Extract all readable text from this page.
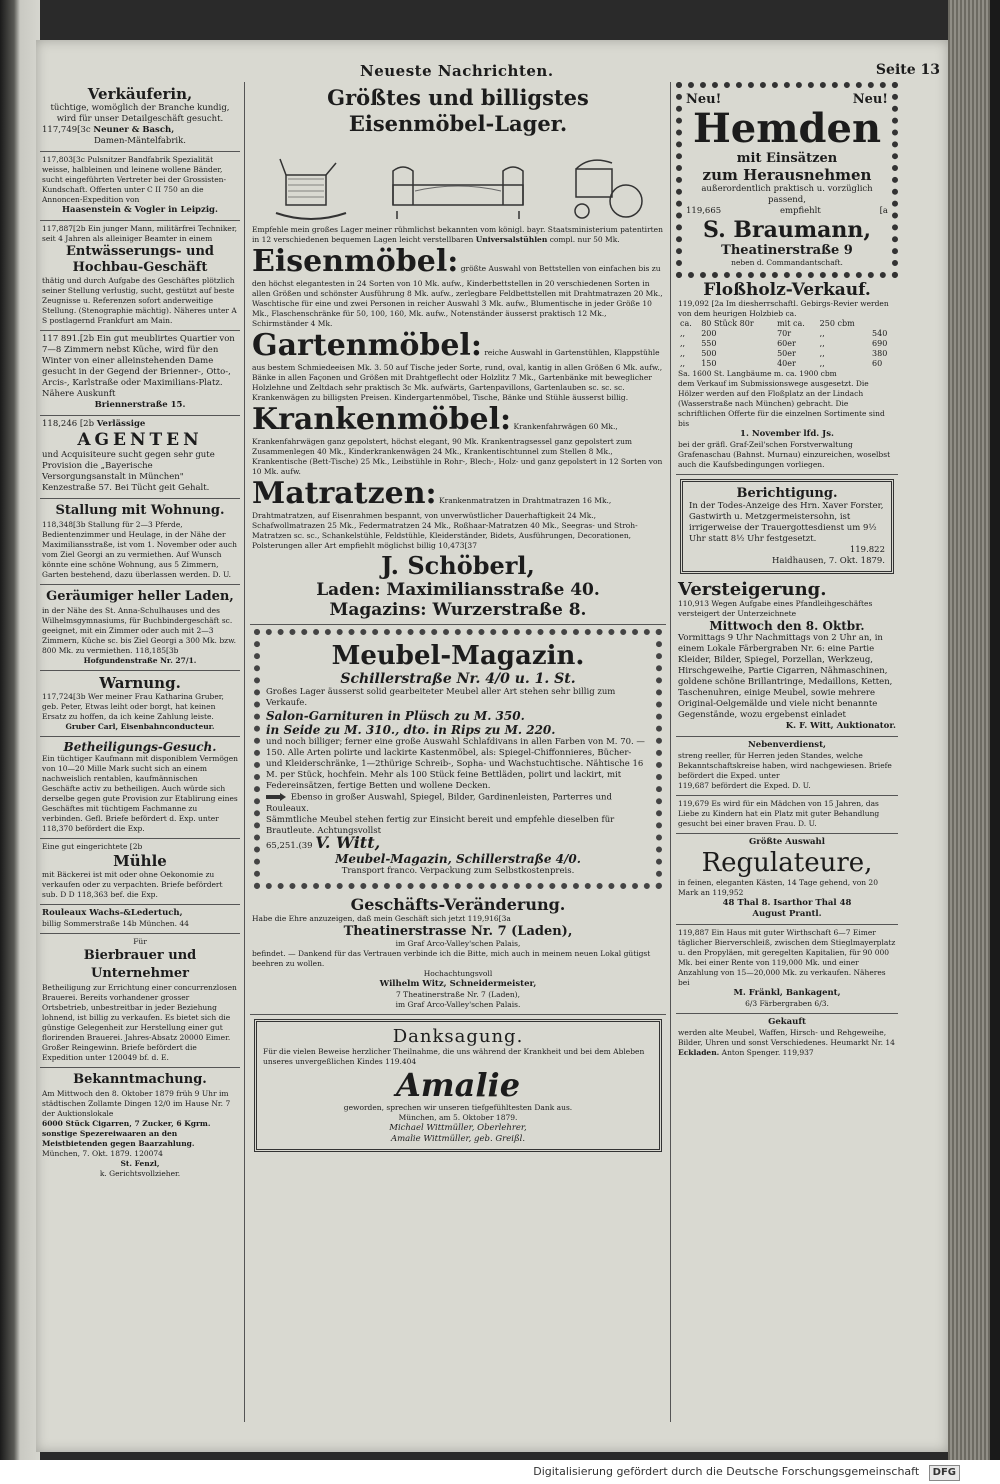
Neueste Nachrichten.	Seite 13

Verkäuferin,

tüchtige, womöglich der Branche kundig, wird für unser Detailgeschäft gesucht.

117,749[3c Neuner & Basch,

Damen-Mäntelfabrik.

117,803[3c Pulsnitzer Bandfabrik Spezialität weisse, halbleinen und leinene wollene Bänder, sucht eingeführten Vertreter bei der Grossisten-Kundschaft. Offerten unter C II 750 an die Annoncen-Expedition von

Haasenstein & Vogler in Leipzig.

117,887[2b Ein junger Mann, militärfrei Techniker, seit 4 Jahren als alleiniger Beamter in einem

Entwässerungs- und Hochbau-Geschäft

thätig und durch Aufgabe des Geschäftes plötzlich seiner Stellung verlustig, sucht, gestützt auf beste Zeugnisse u. Referenzen sofort anderweitige Stellung. (Stenographie mächtig). Näheres unter A S postlagernd Frankfurt am Main.

117 891.[2b Ein gut meublirtes Quartier von 7—8 Zimmern nebst Küche, wird für den Winter von einer alleinstehenden Dame gesucht in der Gegend der Brienner-, Otto-, Arcis-, Karlstraße oder Maximilians-Platz. Nähere Auskunft

Briennerstraße 15.

118,246 [2b Verlässige

AGENTEN

und Acquisiteure sucht gegen sehr gute Provision die „Bayerische Versorgungsanstalt in München" Kenzestraße 57. Bei Tücht geit Gehalt.

Stallung mit Wohnung.

118,348[3b Stallung für 2—3 Pferde, Bedientenzimmer und Heulage, in der Nähe der Maximiliansstraße, ist vom 1. November oder auch vom Ziel Georgi an zu vermiethen. Auf Wunsch könnte eine schöne Wohnung, aus 5 Zimmern, Garten bestehend, dazu überlassen werden. D. U.

Geräumiger heller Laden,

in der Nähe des St. Anna-Schulhauses und des Wilhelmsgymnasiums, für Buchbindergeschäft sc. geeignet, mit ein Zimmer oder auch mit 2—3 Zimmern, Küche sc. bis Ziel Georgi a 300 Mk. bzw. 800 Mk. zu vermiethen. 118,185[3b

Hofgundenstraße Nr. 27/1.

Warnung.

117,724[3b Wer meiner Frau Katharina Gruber, geb. Peter, Etwas leiht oder borgt, hat keinen Ersatz zu hoffen, da ich keine Zahlung leiste.

Gruber Carl, Eisenbahnconducteur.

Betheiligungs-Gesuch.

Ein tüchtiger Kaufmann mit disponiblem Vermögen von 10—20 Mille Mark sucht sich an einem nachweislich rentablen, kaufmännischen Geschäfte activ zu betheiligen. Auch würde sich derselbe gegen gute Provision zur Etablirung eines Geschäftes mit tüchtigem Fachmanne zu verbinden. Gefl. Briefe befördert d. Exp. unter

118,370 befördert die Exp.

Eine gut eingerichtete [2b

Mühle

mit Bäckerei ist mit oder ohne Oekonomie zu verkaufen oder zu verpachten. Briefe befördert sub. D D 118,363 bef. die Exp.

Rouleaux Wachs-&Ledertuch,

billig Sommerstraße 14b München. 44

Für

Bierbrauer und Unternehmer

Betheiligung zur Errichtung einer concurrenzlosen Brauerei. Bereits vorhandener grosser Ortsbetrieb, unbestreitbar in jeder Beziehung lohnend, ist billig zu verkaufen. Es bietet sich die günstige Gelegenheit zur Herstellung einer gut florirenden Brauerei. Jahres-Absatz 20000 Eimer. Großer Reingewinn. Briefe befördert die Expedition unter 120049 bf. d. E.

Bekanntmachung.

Am Mittwoch den 8. Oktober 1879 früh 9 Uhr im städtischen Zollamte Dingen 12/0 im Hause Nr. 7 der Auktionslokale

6000 Stück Cigarren, 7 Zucker, 6 Kgrm. sonstige Spezereiwaaren an den Meistbietenden gegen Baarzahlung.

München, 7. Okt. 1879. 120074

St. Fenzl,

k. Gerichtsvollzieher.

Größtes und billigstes Eisenmöbel-Lager.

Empfehle mein großes Lager meiner rühmlichst bekannten vom königl. bayr. Staatsministerium patentirten in 12 verschiedenen bequemen Lagen leicht verstellbaren Universalstühlen compl. nur 50 Mk.

Eisenmöbel: größte Auswahl von Bettstellen von einfachen bis zu den höchst elegantesten in 24 Sorten von 10 Mk. aufw., Kinderbettstellen in 20 verschiedenen Sorten in allen Größen und schönster Ausführung 8 Mk. aufw., zerlegbare Feldbettstellen mit Drahtmatrazen 20 Mk., Waschtische für eine und zwei Personen in reicher Auswahl 3 Mk. aufw., Blumentische in jeder Größe 10 Mk., Flaschenschränke für 50, 100, 160, Mk. aufw., Notenständer äusserst praktisch 12 Mk., Schirmständer 4 Mk.

Gartenmöbel: reiche Auswahl in Gartenstühlen, Klappstühle aus bestem Schmiedeeisen Mk. 3. 50 auf Tische jeder Sorte, rund, oval, kantig in allen Größen 6 Mk. aufw., Bänke in allen Façonen und Größen mit Drahtgeflecht oder Holzlitz 7 Mk., Gartenbänke mit beweglicher Holzlehne und Zeltdach sehr praktisch 3c Mk. aufwärts, Gartenpavillons, Gartenlauben sc. sc. sc. Krankenwägen zu billigsten Preisen. Kindergartenmöbel, Tische, Bänke und Stühle äusserst billig.

Krankenmöbel: Krankenfahrwägen 60 Mk., Krankenfahrwägen ganz gepolstert, höchst elegant, 90 Mk. Krankentragsessel ganz gepolstert zum Zusammenlegen 40 Mk., Kinderkrankenwägen 24 Mk., Krankentischtunnel zum Stellen 8 Mk., Krankentische (Bett-Tische) 25 Mk., Leibstühle in Rohr-, Blech-, Holz- und ganz gepolstert in 12 Sorten von 10 Mk. aufw.

Matratzen: Krankenmatratzen in Drahtmatrazen 16 Mk., Drahtmatratzen, auf Eisenrahmen bespannt, von unverwüstlicher Dauerhaftigkeit 24 Mk., Schafwollmatrazen 25 Mk., Federmatratzen 24 Mk., Roßhaar-Matratzen 40 Mk., Seegras- und Stroh-Matratzen sc. sc., Schankelstühle, Feldstühle, Kleiderständer, Bidets, Ausführungen, Decorationen, Polsterungen aller Art empfiehlt möglichst billig 10,473[37

J. Schöberl,

Laden: Maximiliansstraße 40.

Magazins: Wurzerstraße 8.

Meubel-Magazin.

Schillerstraße Nr. 4/0 u. 1. St.

Großes Lager äusserst solid gearbeiteter Meubel aller Art stehen sehr billig zum Verkaufe.

Salon-Garnituren in Plüsch zu M. 350.

in Seide zu M. 310., dto. in Rips zu M. 220.

und noch billiger; ferner eine große Auswahl Schlafdivans in allen Farben von M. 70. — 150. Alle Arten polirte und lackirte Kastenmöbel, als: Spiegel-Chiffonnieres, Bücher- und Kleiderschränke, 1—2thürige Schreib-, Sopha- und Wachstuchtische. Nähtische 16 M. per Stück, hochfein. Mehr als 100 Stück feine Bettläden, polirt und lackirt, mit Federeinsätzen, fertige Betten und wollene Decken.

Ebenso in großer Auswahl, Spiegel, Bilder, Gardinenleisten, Parterres und Rouleaux.

Sämmtliche Meubel stehen fertig zur Einsicht bereit und empfehle dieselben für Brautleute. Achtungsvollst

65,251.(39 V. Witt,

Meubel-Magazin, Schillerstraße 4/0.

Transport franco. Verpackung zum Selbstkostenpreis.

Geschäfts-Veränderung.

Habe die Ehre anzuzeigen, daß mein Geschäft sich jetzt 119,916[3a

Theatinerstrasse Nr. 7 (Laden),

im Graf Arco-Valley'schen Palais,

befindet. — Dankend für das Vertrauen verbinde ich die Bitte, mich auch in meinem neuen Lokal gütigst beehren zu wollen.

Hochachtungsvoll

Wilhelm Witz, Schneidermeister,

7 Theatinerstraße Nr. 7 (Laden),

im Graf Arco-Valley'schen Palais.

Danksagung.

Für die vielen Beweise herzlicher Theilnahme, die uns während der Krankheit und bei dem Ableben unseres unvergeßlichen Kindes 119.404

Amalie

geworden, sprechen wir unseren tiefgefühltesten Dank aus.

München, am 5. Oktober 1879.

Michael Wittmüller, Oberlehrer,

Amalie Wittmüller, geb. Greißl.

Neu!	Neu!

Hemden

mit Einsätzen

zum Herausnehmen

außerordentlich praktisch u. vorzüglich passend,

119,665	empfiehlt	[a

S. Braumann,

Theatinerstraße 9

neben d. Commandantschaft.

Floßholz-Verkauf.

119,092 [2a Im diesherrschaftl. Gebirgs-Revier werden von dem heurigen Holzbieb ca.

ca.	80 Stück 80r	mit ca.	250 cbm	
,,	200	70r	,,	540
,,	550	60er	,,	690
,,	500	50er	,,	380
,,	150	40er	,,	60

Sa. 1600 St. Langbäume m. ca. 1900 cbm

dem Verkauf im Submissionswege ausgesetzt. Die Hölzer werden auf den Floßplatz an der Lindach (Wasserstraße nach München) gebracht. Die schriftlichen Offerte für die einzelnen Sortimente sind bis

1. November lfd. Js.

bei der gräfl. Graf-Zeil'schen Forstverwaltung Grafenaschau (Bahnst. Murnau) einzureichen, woselbst auch die Kaufsbedingungen vorliegen.

Berichtigung.

In der Todes-Anzeige des Hrn. Xaver Forster, Gastwirth u. Metzgermeistersohn, ist irrigerweise der Trauergottesdienst um 9½ Uhr statt 8½ Uhr festgesetzt.

119.822

Haidhausen, 7. Okt. 1879.

Versteigerung.

110,913 Wegen Aufgabe eines Pfandleihgeschäftes versteigert der Unterzeichnete

Mittwoch den 8. Oktbr.

Vormittags 9 Uhr Nachmittags von 2 Uhr an, in einem Lokale Färbergraben Nr. 6: eine Partie Kleider, Bilder, Spiegel, Porzellan, Werkzeug, Hirschgeweihe, Partie Cigarren, Nähmaschinen, goldene schöne Brillantringe, Medaillons, Ketten, Taschenuhren, einige Meubel, sowie mehrere Original-Oelgemälde und viele nicht benannte Gegenstände, wozu ergebenst einladet

K. F. Witt, Auktionator.

Nebenverdienst,

streng reeller, für Herren jeden Standes, welche Bekanntschaftskreise haben, wird nachgewiesen. Briefe befördert die Exped. unter

119,687 befördert die Exped. D. U.

119,679 Es wird für ein Mädchen von 15 Jahren, das Liebe zu Kindern hat ein Platz mit guter Behandlung gesucht bei einer braven Frau. D. U.

Größte Auswahl

Regulateure,

in feinen, eleganten Kästen, 14 Tage gehend, von 20 Mark an 119,952

48 Thal 8. Isarthor Thal 48

August Prantl.

119,887 Ein Haus mit guter Wirthschaft 6—7 Eimer täglicher Bierverschleiß, zwischen dem Stieglmayerplatz u. den Propyläen, mit geregelten Kapitalien, für 90 000 Mk. bei einer Rente von 119,000 Mk. und einer Anzahlung von 15—20,000 Mk. zu verkaufen. Näheres bei

M. Fränkl, Bankagent,

6/3 Färbergraben 6/3.

Gekauft

werden alte Meubel, Waffen, Hirsch- und Rehgeweihe, Bilder, Uhren und sonst Verschiedenes. Heumarkt Nr. 14

Eckladen. Anton Spenger. 119,937

Digitalisierung gefördert durch die Deutsche Forschungsgemeinschaft DFG
